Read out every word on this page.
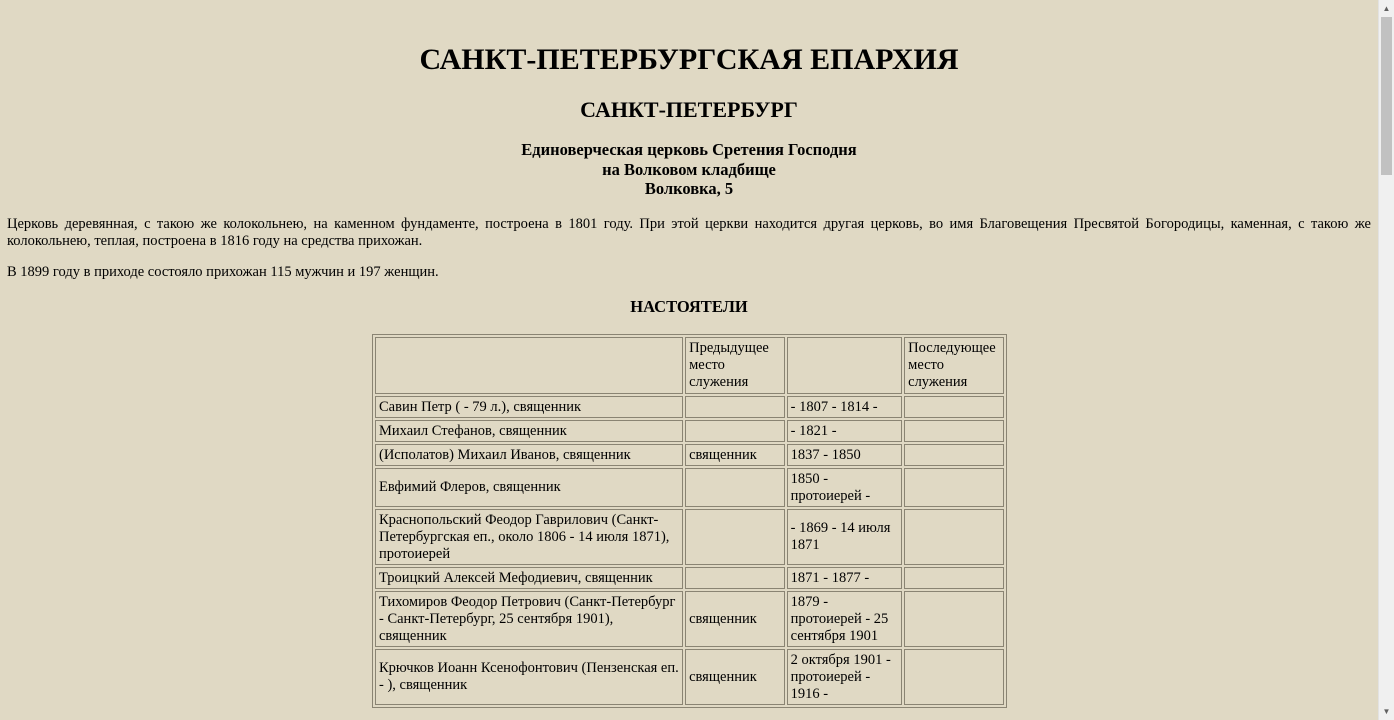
САНКТ-ПЕТЕРБУРГСКАЯ ЕПАРХИЯ
САНКТ-ПЕТЕРБУРГ
Единоверческая церковь Сретения Господня
на Волковом кладбище
Волковка, 5
Церковь деревянная, с такою же колокольнею, на каменном фундаменте, построена в 1801 году. При этой церкви находится другая церковь, во имя Благовещения Пресвятой Богородицы, каменная, с такою же колокольнею, теплая, построена в 1816 году на средства прихожан.
В 1899 году в приходе состояло прихожан 115 мужчин и 197 женщин.
НАСТОЯТЕЛИ
	Предыдущее место служения		Последующее место служения
Савин Петр ( - 79 л.), священник		- 1807 - 1814 -	
Михаил Стефанов, священник		- 1821 -	
(Исполатов) Михаил Иванов, священник	священник	1837 - 1850	
Евфимий Флеров, священник		1850 - протоиерей -	
Краснопольский Феодор Гаврилович (Санкт-Петербургская еп., около 1806 - 14 июля 1871), протоиерей		- 1869 - 14 июля 1871	
Троицкий Алексей Мефодиевич, священник		1871 - 1877 -	
Тихомиров Феодор Петрович (Санкт-Петербург - Санкт-Петербург, 25 сентября 1901), священник	священник	1879 - протоиерей - 25 сентября 1901	
Крючков Иоанн Ксенофонтович (Пензенская еп. - ), священник	священник	2 октября 1901 - протоиерей - 1916 -	
▲
▼
